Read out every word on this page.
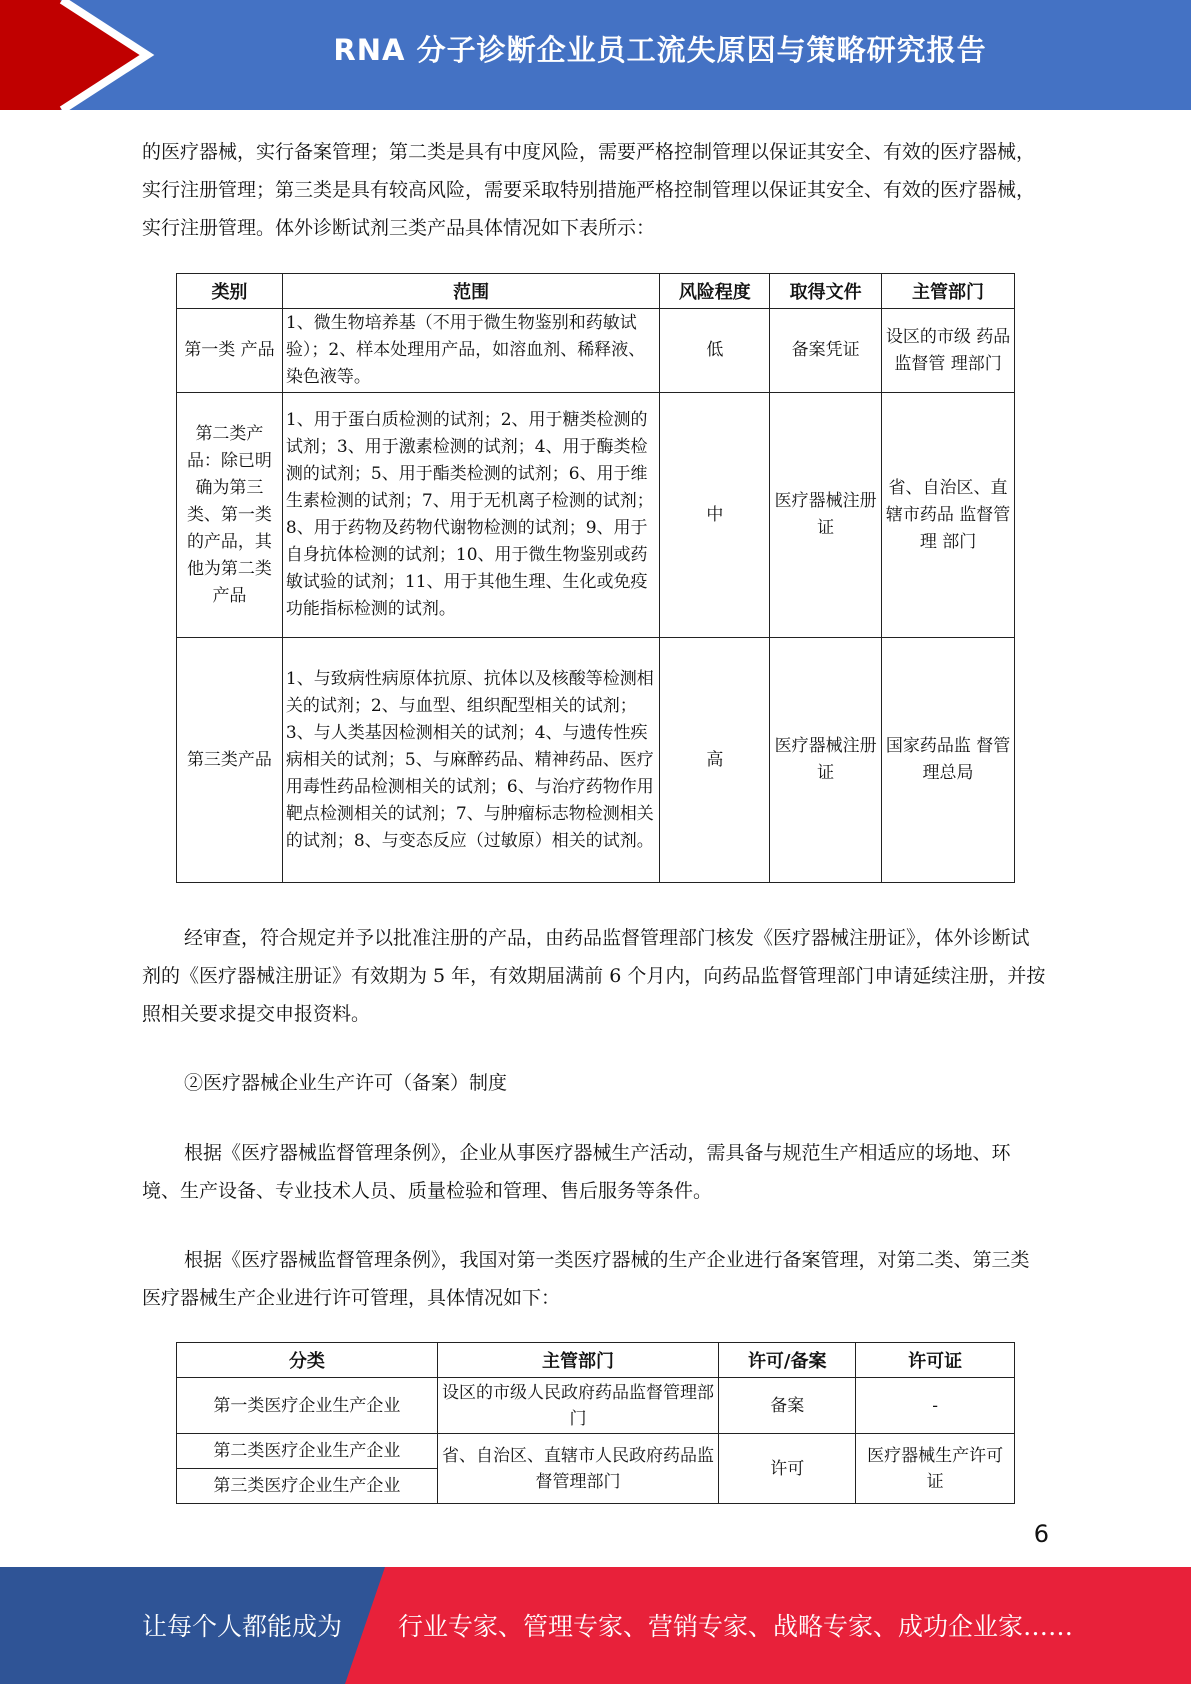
RNA 分子诊断企业员工流失原因与策略研究报告

的医疗器械，实行备案管理；第二类是具有中度风险，需要严格控制管理以保证其安全、有效的医疗器械，实行注册管理；第三类是具有较高风险，需要采取特别措施严格控制管理以保证其安全、有效的医疗器械，实行注册管理。体外诊断试剂三类产品具体情况如下表所示：

类别	范围	风险程度	取得文件	主管部门
第一类 产品	1、微生物培养基（不用于微生物鉴别和药敏试验）；2、样本处理用产品，如溶血剂、稀释液、染色液等。	低	备案凭证	设区的市级 药品监督管 理部门
第二类产品：除已明确为第三类、第一类的产品，其他为第二类产品	1、用于蛋白质检测的试剂；2、用于糖类检测的试剂；3、用于激素检测的试剂；4、用于酶类检测的试剂；5、用于酯类检测的试剂；6、用于维生素检测的试剂；7、用于无机离子检测的试剂；8、用于药物及药物代谢物检测的试剂；9、用于自身抗体检测的试剂；10、用于微生物鉴别或药敏试验的试剂；11、用于其他生理、生化或免疫功能指标检测的试剂。	中	医疗器械注册证	省、自治区、直辖市药品 监督管理 部门
第三类产品	1、与致病性病原体抗原、抗体以及核酸等检测相关的试剂；2、与血型、组织配型相关的试剂；3、与人类基因检测相关的试剂；4、与遗传性疾病相关的试剂；5、与麻醉药品、精神药品、医疗用毒性药品检测相关的试剂；6、与治疗药物作用靶点检测相关的试剂；7、与肿瘤标志物检测相关的试剂；8、与变态反应（过敏原）相关的试剂。	高	医疗器械注册证	国家药品监 督管理总局

经审查，符合规定并予以批准注册的产品，由药品监督管理部门核发《医疗器械注册证》，体外诊断试剂的《医疗器械注册证》有效期为 5 年，有效期届满前 6 个月内，向药品监督管理部门申请延续注册，并按照相关要求提交申报资料。

②医疗器械企业生产许可（备案）制度

根据《医疗器械监督管理条例》，企业从事医疗器械生产活动，需具备与规范生产相适应的场地、环境、生产设备、专业技术人员、质量检验和管理、售后服务等条件。

根据《医疗器械监督管理条例》，我国对第一类医疗器械的生产企业进行备案管理，对第二类、第三类医疗器械生产企业进行许可管理，具体情况如下：

分类	主管部门	许可/备案	许可证
第一类医疗企业生产企业	设区的市级人民政府药品监督管理部门	备案	-
第二类医疗企业生产企业	省、自治区、直辖市人民政府药品监督管理部门	许可	医疗器械生产许可证
第三类医疗企业生产企业			
6
让每个人都能成为 行业专家、管理专家、营销专家、战略专家、成功企业家……
